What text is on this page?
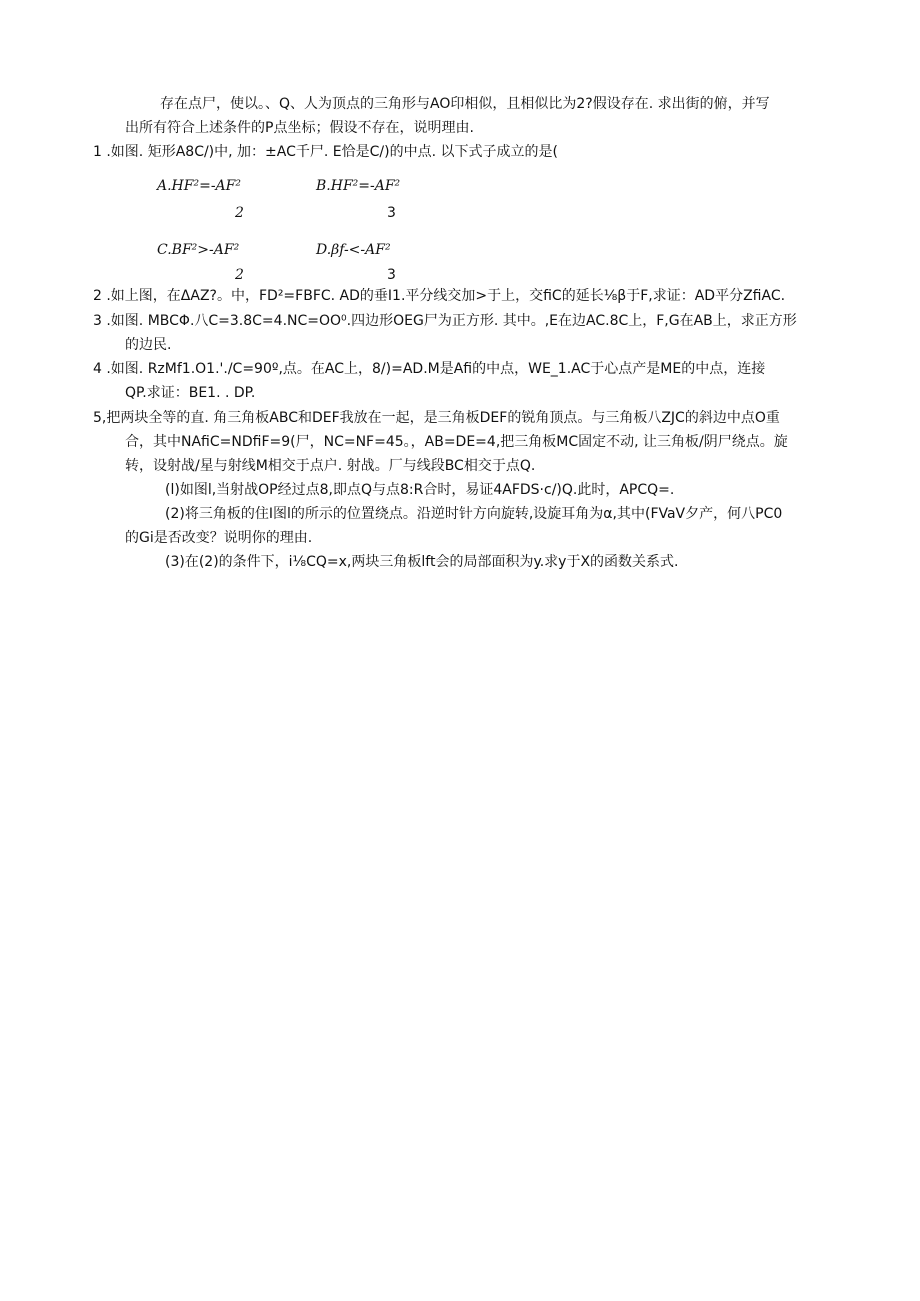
存在点尸，使以。、Q、人为顶点的三角形与AO印相似，且相似比为2?假设存在. 求出街的俯，并写
出所有符合上述条件的P点坐标；假设不存在，说明理由.
1 .如图. 矩形A8C/)中, 加：±AC千尸. E恰是C/)的中点. 以下式子成立的是(
A.HF²=-AF²	B.HF²=-AF²
2	3
C.BF²>-AF²	D.βf-<-AF²
2	3
2 .如上图，在ΔAZ?。中，FD²=FBFC. AD的垂I1.平分线交加>于上，交fiC的延长⅛β于F,求证：AD平分ZfiAC.
3 .如图. MBCΦ.八C=3.8C=4.NC=OO⁰.四边形OEG尸为正方形. 其中。,E在边AC.8C上，F,G在AB上，求正方形
的边民.
4 .如图. RzMf1.O1.'./C=90º,点。在AC上，8/)=AD.M是Afi的中点，WE_1.AC于心点产是ME的中点，连接
QP.求证：BE1. . DP.
5,把两块全等的直. 角三角板ABC和DEF我放在一起，是三角板DEF的锐角顶点。与三角板八ZJC的斜边中点O重
合，其中NAfiC=NDfiF=9(尸，NC=NF=45。，AB=DE=4,把三角板MC固定不动, 让三角板/阴尸绕点。旋
转，设射战/星与射线M相交于点户. 射战。厂与线段BC相交于点Q.
(l)如图l,当射战OP经过点8,即点Q与点8:R合时，易证4AFDS·c/)Q.此时，APCQ=.
(2)将三角板的住I图l的所示的位置绕点。沿逆时针方向旋转,设旋耳角为α,其中(FVaV夕产，何八PC0
的Gi是否改变？说明你的理由.
(3)在(2)的条件下，i⅛CQ=x,两块三角板lft会的局部面积为y.求y于X的函数关系式.
